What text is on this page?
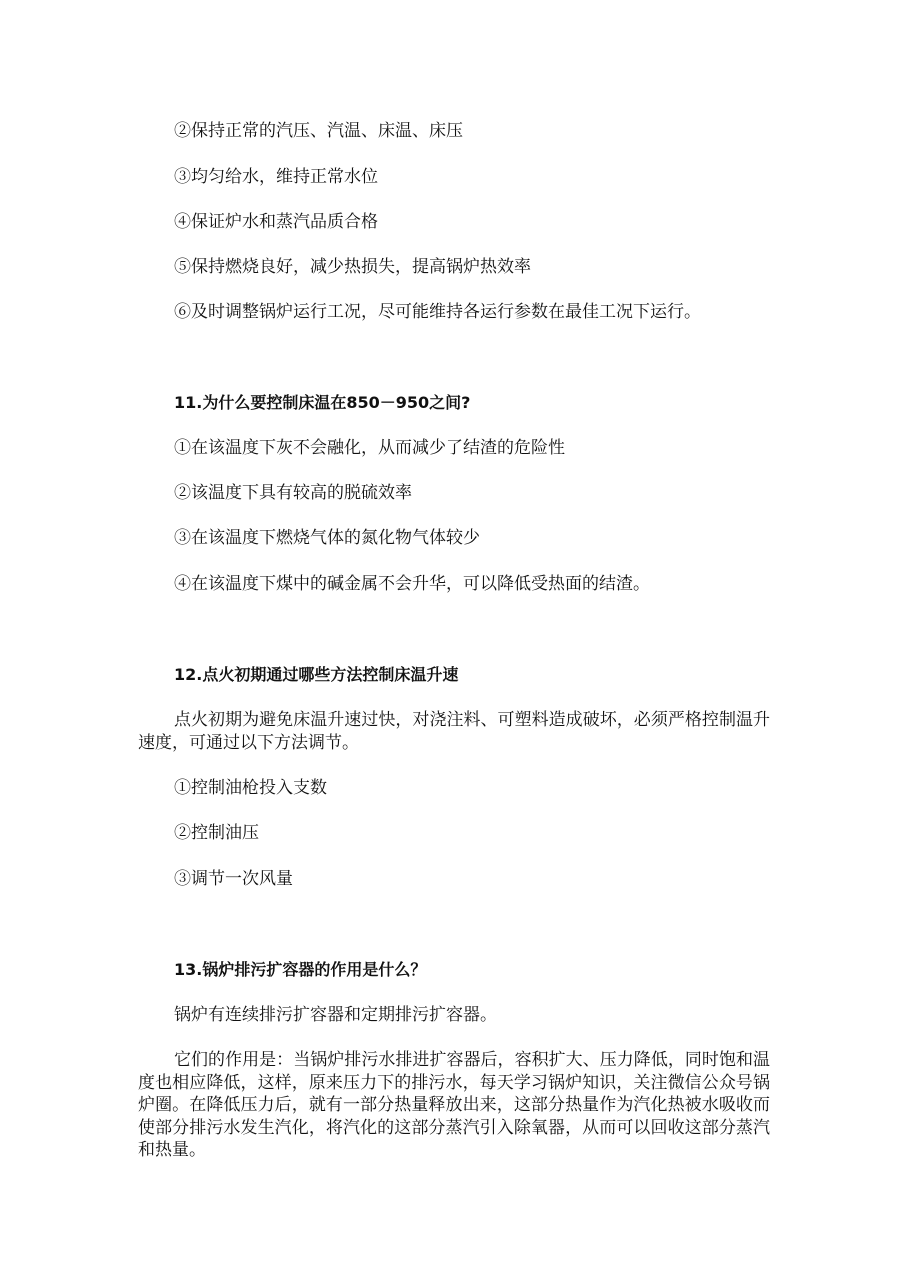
②保持正常的汽压、汽温、床温、床压

③均匀给水，维持正常水位

④保证炉水和蒸汽品质合格

⑤保持燃烧良好，减少热损失，提高锅炉热效率

⑥及时调整锅炉运行工况，尽可能维持各运行参数在最佳工况下运行。

11.为什么要控制床温在850－950之间?

①在该温度下灰不会融化，从而减少了结渣的危险性

②该温度下具有较高的脱硫效率

③在该温度下燃烧气体的氮化物气体较少

④在该温度下煤中的碱金属不会升华，可以降低受热面的结渣。

12.点火初期通过哪些方法控制床温升速

点火初期为避免床温升速过快，对浇注料、可塑料造成破坏，必须严格控制温升速度，可通过以下方法调节。

①控制油枪投入支数

②控制油压

③调节一次风量

13.锅炉排污扩容器的作用是什么？

锅炉有连续排污扩容器和定期排污扩容器。

它们的作用是：当锅炉排污水排进扩容器后，容积扩大、压力降低，同时饱和温度也相应降低，这样，原来压力下的排污水，每天学习锅炉知识，关注微信公众号锅炉圈。在降低压力后，就有一部分热量释放出来，这部分热量作为汽化热被水吸收而使部分排污水发生汽化，将汽化的这部分蒸汽引入除氧器，从而可以回收这部分蒸汽和热量。
